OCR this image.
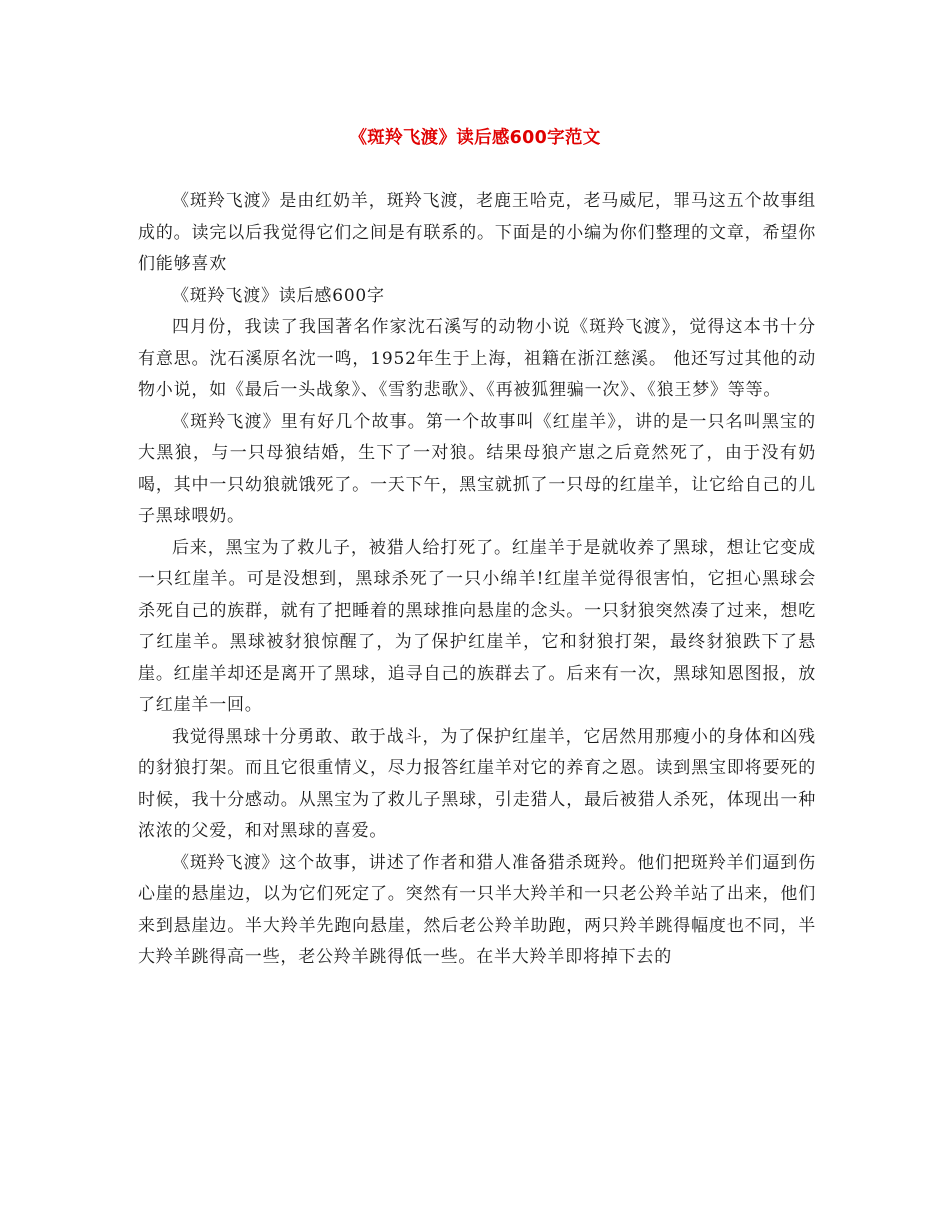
《斑羚飞渡》读后感600字范文

《斑羚飞渡》是由红奶羊，斑羚飞渡，老鹿王哈克，老马威尼，罪马这五个故事组成的。读完以后我觉得它们之间是有联系的。下面是的小编为你们整理的文章，希望你们能够喜欢

《斑羚飞渡》读后感600字

四月份，我读了我国著名作家沈石溪写的动物小说《斑羚飞渡》，觉得这本书十分有意思。沈石溪原名沈一鸣，1952年生于上海，祖籍在浙江慈溪。 他还写过其他的动物小说，如《最后一头战象》、《雪豹悲歌》、《再被狐狸骗一次》、《狼王梦》等等。

《斑羚飞渡》里有好几个故事。第一个故事叫《红崖羊》，讲的是一只名叫黑宝的大黑狼，与一只母狼结婚，生下了一对狼。结果母狼产崽之后竟然死了，由于没有奶喝，其中一只幼狼就饿死了。一天下午，黑宝就抓了一只母的红崖羊，让它给自己的儿子黑球喂奶。

后来，黑宝为了救儿子，被猎人给打死了。红崖羊于是就收养了黑球，想让它变成一只红崖羊。可是没想到，黑球杀死了一只小绵羊!红崖羊觉得很害怕，它担心黑球会杀死自己的族群，就有了把睡着的黑球推向悬崖的念头。一只豺狼突然凑了过来，想吃了红崖羊。黑球被豺狼惊醒了，为了保护红崖羊，它和豺狼打架，最终豺狼跌下了悬崖。红崖羊却还是离开了黑球，追寻自己的族群去了。后来有一次，黑球知恩图报，放了红崖羊一回。

我觉得黑球十分勇敢、敢于战斗，为了保护红崖羊，它居然用那瘦小的身体和凶残的豺狼打架。而且它很重情义，尽力报答红崖羊对它的养育之恩。读到黑宝即将要死的时候，我十分感动。从黑宝为了救儿子黑球，引走猎人，最后被猎人杀死，体现出一种浓浓的父爱，和对黑球的喜爱。

《斑羚飞渡》这个故事，讲述了作者和猎人准备猎杀斑羚。他们把斑羚羊们逼到伤心崖的悬崖边，以为它们死定了。突然有一只半大羚羊和一只老公羚羊站了出来，他们来到悬崖边。半大羚羊先跑向悬崖，然后老公羚羊助跑，两只羚羊跳得幅度也不同，半大羚羊跳得高一些，老公羚羊跳得低一些。在半大羚羊即将掉下去的
